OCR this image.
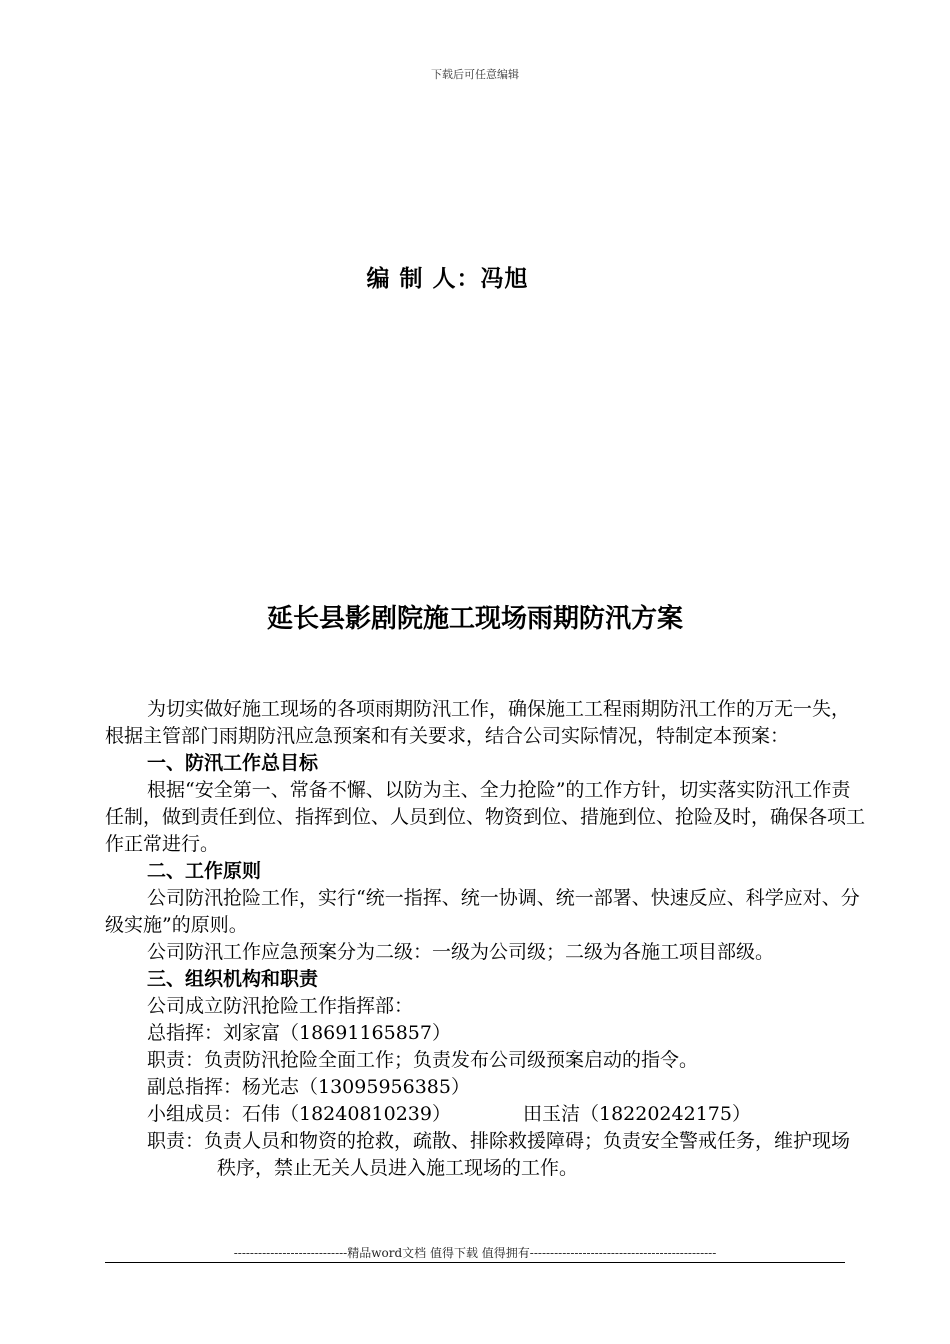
下载后可任意编辑
编 制 人：冯旭
延长县影剧院施工现场雨期防汛方案

为切实做好施工现场的各项雨期防汛工作，确保施工工程雨期防汛工作的万无一失，根据主管部门雨期防汛应急预案和有关要求，结合公司实际情况，特制定本预案：

一、防汛工作总目标

根据“安全第一、常备不懈、以防为主、全力抢险”的工作方针，切实落实防汛工作责任制，做到责任到位、指挥到位、人员到位、物资到位、措施到位、抢险及时，确保各项工作正常进行。

二、工作原则

公司防汛抢险工作，实行“统一指挥、统一协调、统一部署、快速反应、科学应对、分级实施”的原则。

公司防汛工作应急预案分为二级：一级为公司级；二级为各施工项目部级。

三、组织机构和职责

公司成立防汛抢险工作指挥部：

总指挥：刘家富（18691165857）

职责：负责防汛抢险全面工作；负责发布公司级预案启动的指令。

副总指挥：杨光志（13095956385）

小组成员：石伟（18240810239）	田玉洁（18220242175）

职责：负责人员和物资的抢救，疏散、排除救援障碍；负责安全警戒任务，维护现场秩序，禁止无关人员进入施工现场的工作。

----------------------------精品word文档 值得下载 值得拥有----------------------------------------------
